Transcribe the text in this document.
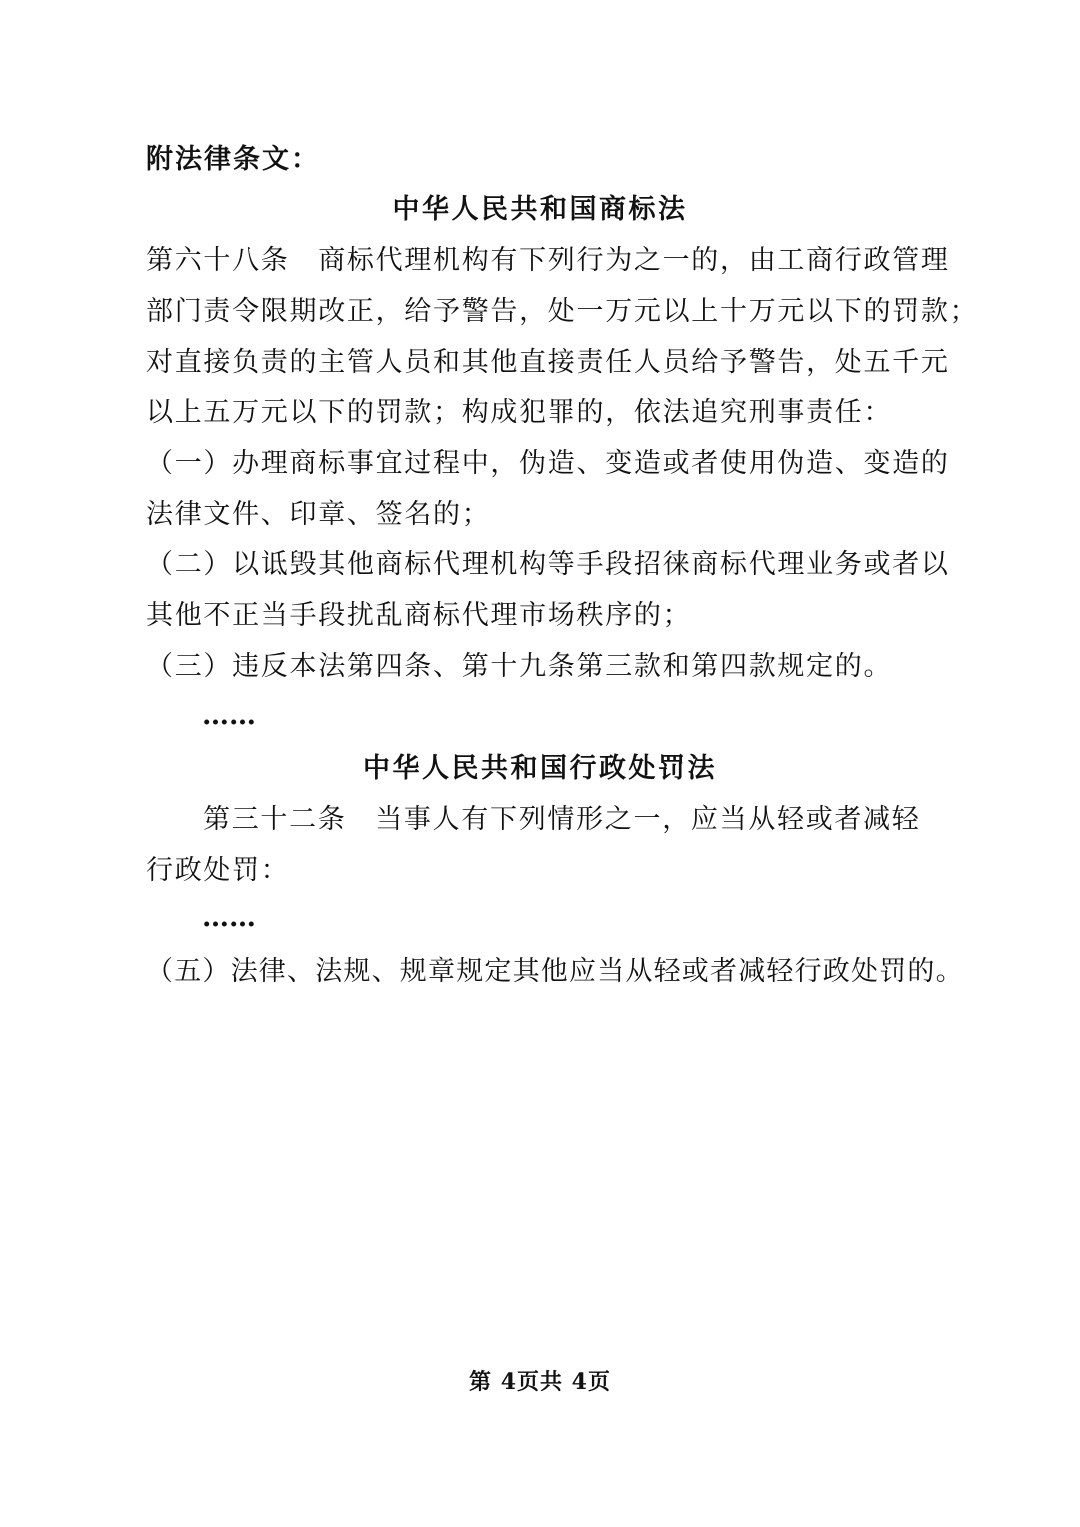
附法律条文：
中华人民共和国商标法
第六十八条　商标代理机构有下列行为之一的，由工商行政管理
部门责令限期改正，给予警告，处一万元以上十万元以下的罚款；
对直接负责的主管人员和其他直接责任人员给予警告，处五千元
以上五万元以下的罚款；构成犯罪的，依法追究刑事责任：
（一）办理商标事宜过程中，伪造、变造或者使用伪造、变造的
法律文件、印章、签名的；
（二）以诋毁其他商标代理机构等手段招徕商标代理业务或者以
其他不正当手段扰乱商标代理市场秩序的；
（三）违反本法第四条、第十九条第三款和第四款规定的。
……
中华人民共和国行政处罚法
第三十二条　当事人有下列情形之一，应当从轻或者减轻
行政处罚：
……
（五）法律、法规、规章规定其他应当从轻或者减轻行政处罚的。
第 4页共 4页
